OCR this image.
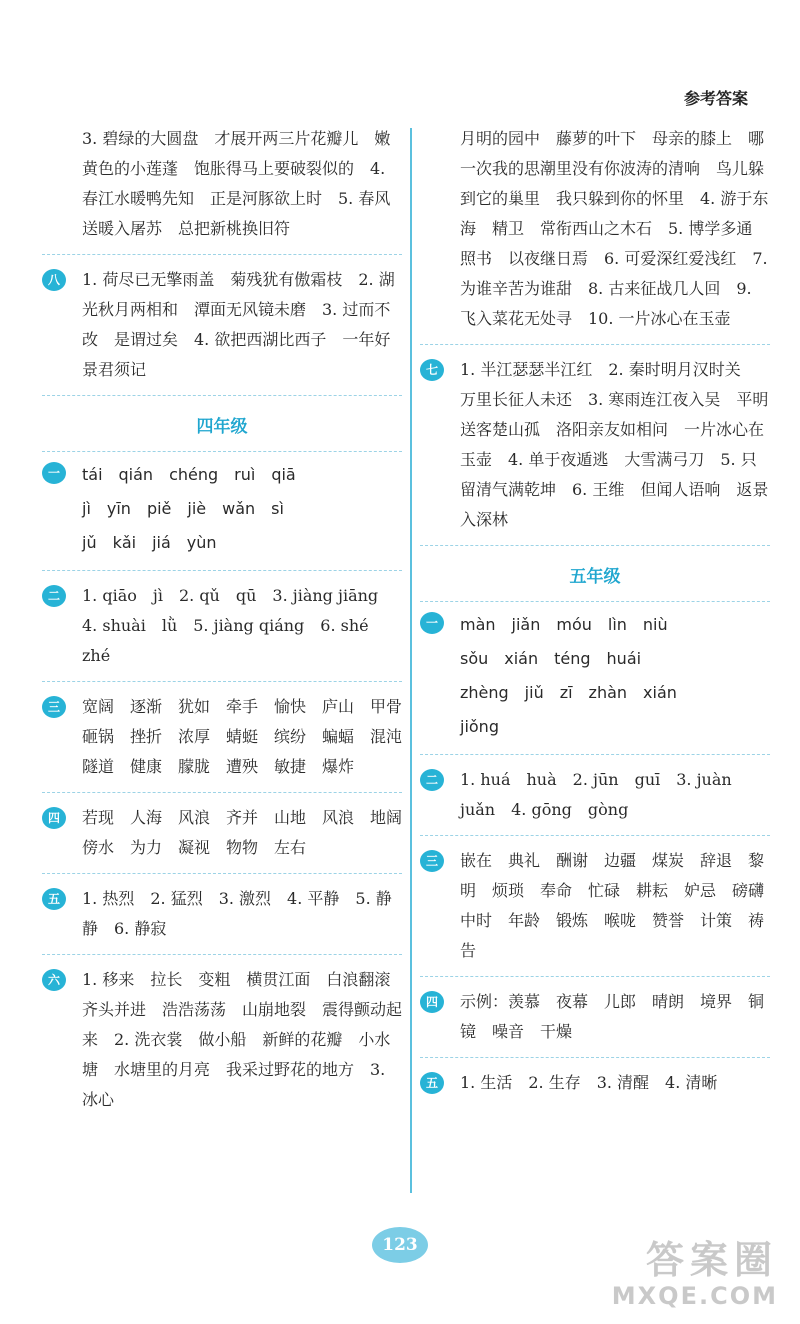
参考答案
3. 碧绿的大圆盘　才展开两三片花瓣儿　嫩黄色的小莲蓬　饱胀得马上要破裂似的　4. 春江水暖鸭先知　正是河豚欲上时　5. 春风送暖入屠苏　总把新桃换旧符
八	1. 荷尽已无擎雨盖　菊残犹有傲霜枝　2. 湖光秋月两相和　潭面无风镜未磨　3. 过而不改　是谓过矣　4. 欲把西湖比西子　一年好景君须记
四年级
一	tái　qián　chéng　ruì　qiā
jì　yīn　piě　jiè　wǎn　sì
jǔ　kǎi　jiá　yùn
二	1. qiāo　jì　2. qǔ　qū　3. jiàng jiāng　4. shuài　lǜ　5. jiàng qiáng　6. shé　zhé
三	宽阔　逐渐　犹如　牵手　愉快　庐山　甲骨　砸锅　挫折　浓厚　蜻蜓　缤纷　蝙蝠　混沌　隧道　健康　朦胧　遭殃　敏捷　爆炸
四	若现　人海　风浪　齐并　山地　风浪　地阔　傍水　为力　凝视　物物　左右
五	1. 热烈　2. 猛烈　3. 激烈　4. 平静　5. 静静　6. 静寂
六	1. 移来　拉长　变粗　横贯江面　白浪翻滚　齐头并进　浩浩荡荡　山崩地裂　震得颤动起来　2. 洗衣裳　做小船　新鲜的花瓣　小水塘　水塘里的月亮　我采过野花的地方　3. 冰心
月明的园中　藤萝的叶下　母亲的膝上　哪一次我的思潮里没有你波涛的清响　鸟儿躲到它的巢里　我只躲到你的怀里　4. 游于东海　精卫　常衔西山之木石　5. 博学多通　照书　以夜继日焉　6. 可爱深红爱浅红　7. 为谁辛苦为谁甜　8. 古来征战几人回　9. 飞入菜花无处寻　10. 一片冰心在玉壶
七	1. 半江瑟瑟半江红　2. 秦时明月汉时关　万里长征人未还　3. 寒雨连江夜入吴　平明送客楚山孤　洛阳亲友如相问　一片冰心在玉壶　4. 单于夜遁逃　大雪满弓刀　5. 只留清气满乾坤　6. 王维　但闻人语响　返景入深林
五年级
一	màn　jiǎn　móu　lìn　niù
sǒu　xián　téng　huái
zhèng　jiǔ　zī　zhàn　xián
jiǒng
二	1. huá　huà　2. jūn　guī　3. juàn juǎn　4. gōng　gòng
三	嵌在　典礼　酬谢　边疆　煤炭　辞退　黎明　烦琐　奉命　忙碌　耕耘　妒忌　磅礴　中时　年龄　锻炼　喉咙　赞誉　计策　祷告
四	示例：羡慕　夜幕　儿郎　晴朗　境界　铜镜　噪音　干燥
五	1. 生活　2. 生存　3. 清醒　4. 清晰
123	答案圈
MXQE.COM
